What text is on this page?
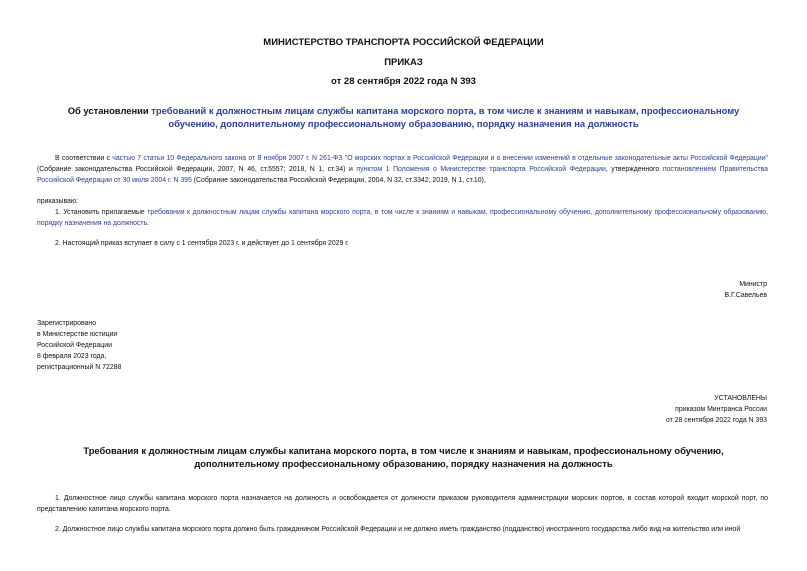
МИНИСТЕРСТВО ТРАНСПОРТА РОССИЙСКОЙ ФЕДЕРАЦИИ
ПРИКАЗ
от 28 сентября 2022 года N 393
Об установлении требований к должностным лицам службы капитана морского порта, в том числе к знаниям и навыкам, профессиональному обучению, дополнительному профессиональному образованию, порядку назначения на должность
В соответствии с частью 7 статьи 10 Федерального закона от 8 ноября 2007 г. N 261-ФЗ "О морских портах в Российской Федерации и о внесении изменений в отдельные законодательные акты Российской Федерации" (Собрание законодательства Российской Федерации, 2007, N 46, ст.5557; 2018, N 1, ст.34) и пунктом 1 Положения о Министерстве транспорта Российской Федерации, утвержденного постановлением Правительства Российской Федерации от 30 июля 2004 г. N 395 (Собрание законодательства Российской Федерации, 2004, N 32, ст.3342; 2019, N 1, ст.10),
приказываю:
1. Установить прилагаемые требования к должностным лицам службы капитана морского порта, в том числе к знаниям и навыкам, профессиональному обучению, дополнительному профессиональному образованию, порядку назначения на должность.
2. Настоящий приказ вступает в силу с 1 сентября 2023 г. и действует до 1 сентября 2029 г.
Министр
В.Г.Савельев
Зарегистрировано
в Министерстве юстиции
Российской Федерации
8 февраля 2023 года,
регистрационный N 72288
УСТАНОВЛЕНЫ
приказом Минтранса России
от 28 сентября 2022 года N 393
Требования к должностным лицам службы капитана морского порта, в том числе к знаниям и навыкам, профессиональному обучению, дополнительному профессиональному образованию, порядку назначения на должность
1. Должностное лицо службы капитана морского порта назначается на должность и освобождается от должности приказом руководителя администрации морских портов, в состав которой входит морской порт, по представлению капитана морского порта.
2. Должностное лицо службы капитана морского порта должно быть гражданином Российской Федерации и не должно иметь гражданство (подданство) иностранного государства либо вид на жительство или иной
